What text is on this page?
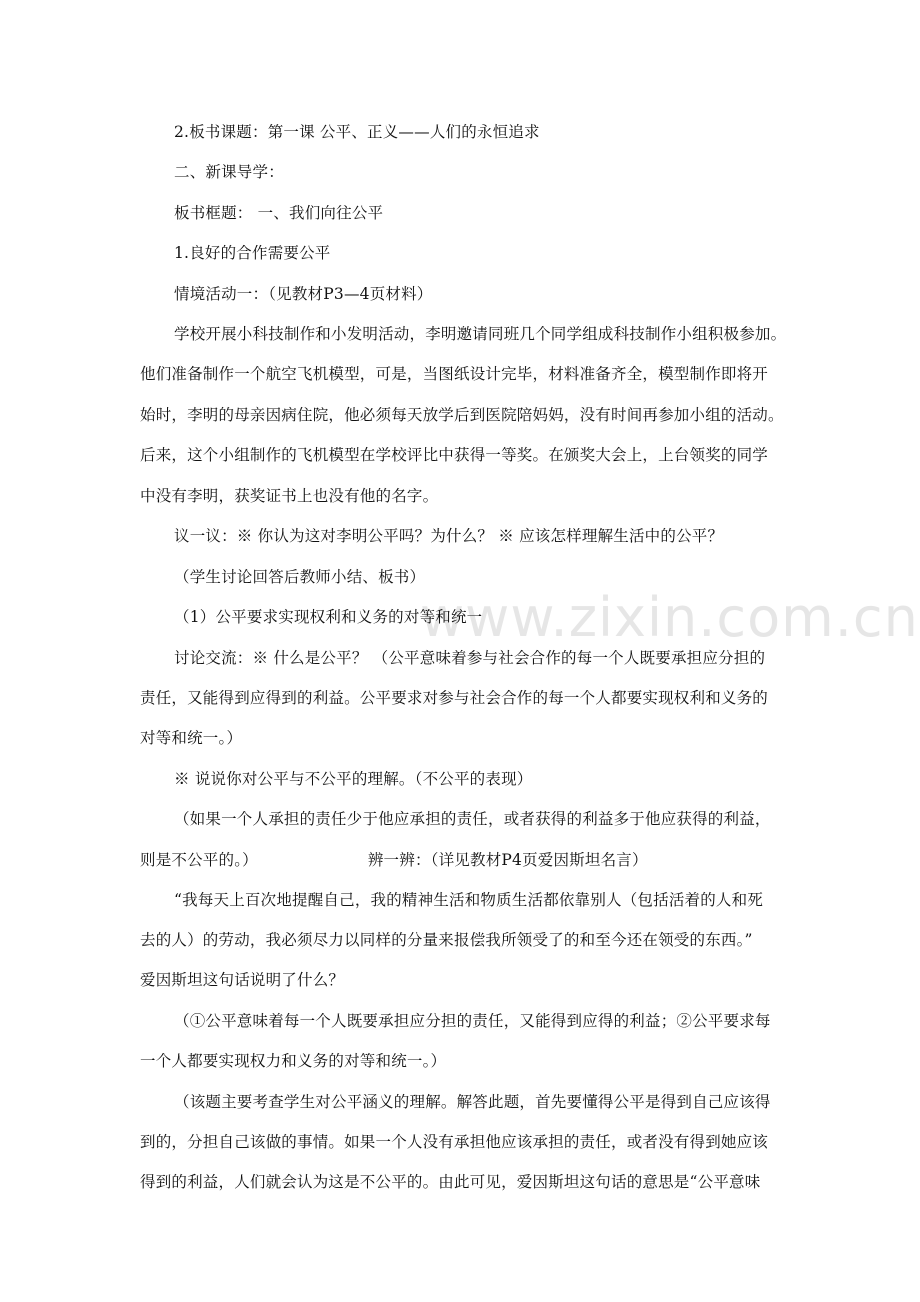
www.zixin.com.cn
2.板书课题：第一课 公平、正义——人们的永恒追求
二、新课导学：
板书框题： 一、我们向往公平
1.良好的合作需要公平
情境活动一：（见教材P3—4页材料）
学校开展小科技制作和小发明活动，李明邀请同班几个同学组成科技制作小组积极参加。
他们准备制作一个航空飞机模型，可是，当图纸设计完毕，材料准备齐全，模型制作即将开
始时，李明的母亲因病住院，他必须每天放学后到医院陪妈妈，没有时间再参加小组的活动。
后来，这个小组制作的飞机模型在学校评比中获得一等奖。在颁奖大会上，上台领奖的同学
中没有李明，获奖证书上也没有他的名字。
议一议：※ 你认为这对李明公平吗？为什么？ ※ 应该怎样理解生活中的公平？
（学生讨论回答后教师小结、板书）
（1）公平要求实现权利和义务的对等和统一
讨论交流：※ 什么是公平？ （公平意味着参与社会合作的每一个人既要承担应分担的
责任，又能得到应得到的利益。公平要求对参与社会合作的每一个人都要实现权利和义务的
对等和统一。）
※ 说说你对公平与不公平的理解。（不公平的表现）
（如果一个人承担的责任少于他应承担的责任，或者获得的利益多于他应获得的利益，
则是不公平的。）	辨一辨：（详见教材P4页爱因斯坦名言）
“我每天上百次地提醒自己，我的精神生活和物质生活都依靠别人（包括活着的人和死
去的人）的劳动，我必须尽力以同样的分量来报偿我所领受了的和至今还在领受的东西。”
爱因斯坦这句话说明了什么？
（①公平意味着每一个人既要承担应分担的责任，又能得到应得的利益；②公平要求每
一个人都要实现权力和义务的对等和统一。）
（该题主要考查学生对公平涵义的理解。解答此题，首先要懂得公平是得到自己应该得
到的，分担自己该做的事情。如果一个人没有承担他应该承担的责任，或者没有得到她应该
得到的利益，人们就会认为这是不公平的。由此可见，爱因斯坦这句话的意思是“公平意味
